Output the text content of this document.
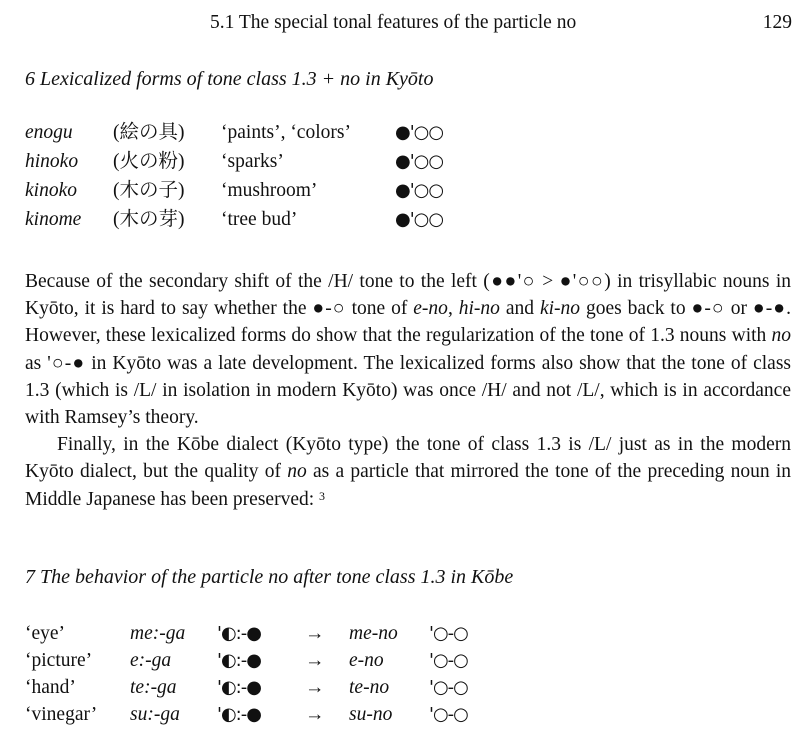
5.1 The special tonal features of the particle no	129
6 Lexicalized forms of tone class 1.3 + no in Kyōto
enogu (絵の具) ‘paints’, ‘colors’ ●'○○
hinoko (火の粉) ‘sparks’	●'○○
kinoko (木の子) ‘mushroom’	●'○○
kinome (木の芽) ‘tree bud’	●'○○

Because of the secondary shift of the /H/ tone to the left (●●'○ > ●'○○) in trisyllabic nouns in Kyōto, it is hard to say whether the ●-○ tone of e-no, hi-no and ki-no goes back to ●-○ or ●-●. However, these lexicalized forms do show that the regularization of the tone of 1.3 nouns with no as '○-● in Kyōto was a late development. The lexicalized forms also show that the tone of class 1.3 (which is /L/ in isolation in modern Kyōto) was once /H/ and not /L/, which is in accordance with Ramsey’s theory.

Finally, in the Kōbe dialect (Kyōto type) the tone of class 1.3 is /L/ just as in the modern Kyōto dialect, but the quality of no as a particle that mirrored the tone of the preceding noun in Middle Japanese has been preserved: $^3$

7 The behavior of the particle no after tone class 1.3 in Kōbe
‘eye’	me:-ga '◐:-● → me-no '○-○
‘picture’ e:-ga	'◐:-● → e-no	'○-○
‘hand’	te:-ga '◐:-● → te-no '○-○
‘vinegar’ su:-ga '◐:-● → su-no '○-○
